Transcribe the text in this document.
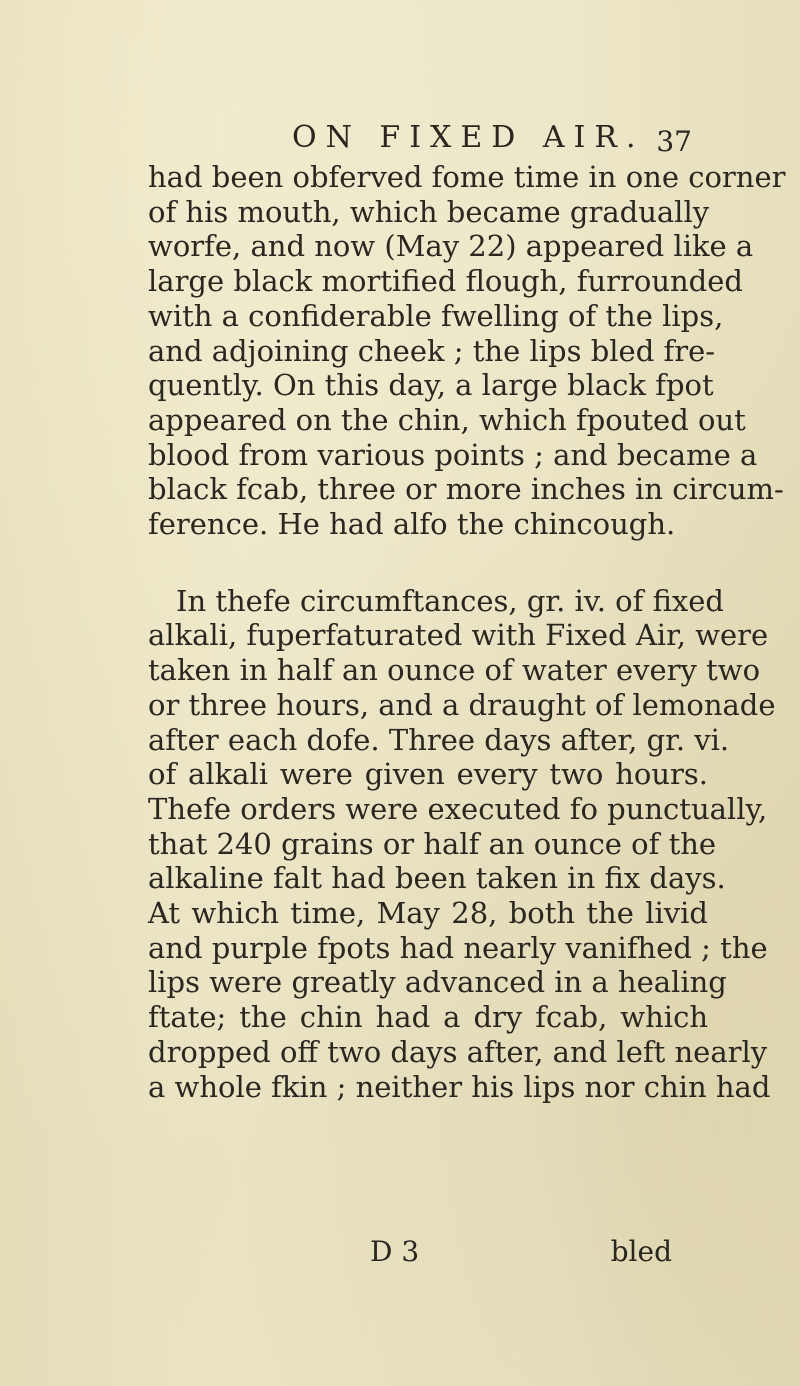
ON FIXED AIR. 37
had been obferved fome time in one corner
of his mouth, which became gradually
worfe, and now (May 22) appeared like a
large black mortified flough, furrounded
with a confiderable fwelling of the lips,
and adjoining cheek ; the lips bled fre-
quently. On this day, a large black fpot
appeared on the chin, which fpouted out
blood from various points ; and became a
black fcab, three or more inches in circum-
ference. He had alfo the chincough.
In thefe circumftances, gr. iv. of fixed
alkali, fuperfaturated with Fixed Air, were
taken in half an ounce of water every two
or three hours, and a draught of lemonade
after each dofe. Three days after, gr. vi.
of alkali were given every two hours.
Thefe orders were executed fo punctually,
that 240 grains or half an ounce of the
alkaline falt had been taken in fix days.
At which time, May 28, both the livid
and purple fpots had nearly vanifhed ; the
lips were greatly advanced in a healing
ftate; the chin had a dry fcab, which
dropped off two days after, and left nearly
a whole fkin ; neither his lips nor chin had
D 3	bled
